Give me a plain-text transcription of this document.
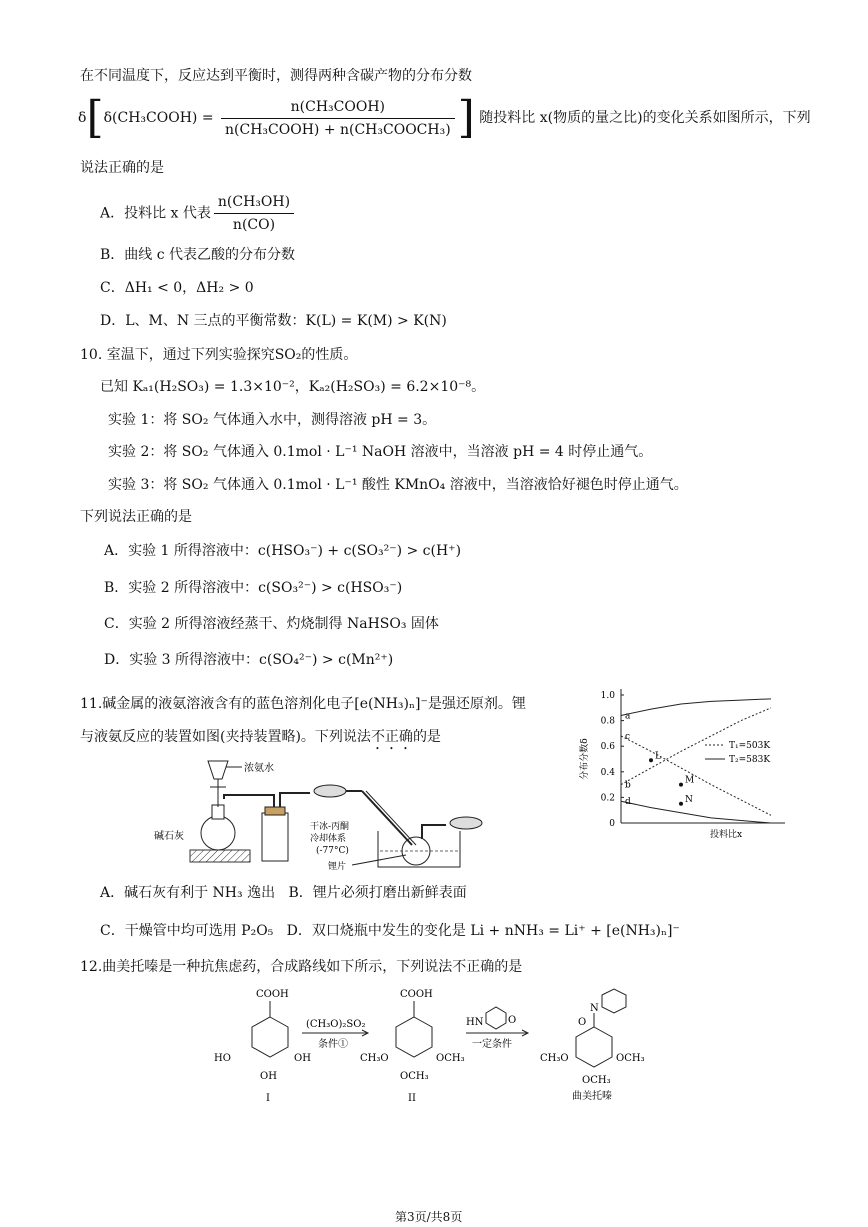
在不同温度下，反应达到平衡时，测得两种含碳产物的分布分数
δ[δ(CH₃COOH) = $\frac{\text{n(CH₃COOH)}}{\text{n(CH₃COOH) + n(CH₃COOCH₃)}}$ ] 随投料比 x(物质的量之比)的变化关系如图所示，下列
说法正确的是
A．投料比 x 代表 $\frac{\text{n(CH₃OH)}}{n(CO)}$
B．曲线 c 代表乙酸的分布分数
C．ΔH₁ < 0，ΔH₂ > 0
D．L、M、N 三点的平衡常数：K(L) = K(M) > K(N)
10. 室温下，通过下列实验探究SO₂的性质。
已知 Kₐ₁(H₂SO₃) = 1.3×10⁻²，Kₐ₂(H₂SO₃) = 6.2×10⁻⁸。
实验 1：将 SO₂ 气体通入水中，测得溶液 pH = 3。
实验 2：将 SO₂ 气体通入 0.1mol · L⁻¹ NaOH 溶液中，当溶液 pH = 4 时停止通气。
实验 3：将 SO₂ 气体通入 0.1mol · L⁻¹ 酸性 KMnO₄ 溶液中，当溶液恰好褪色时停止通气。
下列说法正确的是
A．实验 1 所得溶液中：c(HSO₃⁻) + c(SO₃²⁻) > c(H⁺)
B．实验 2 所得溶液中：c(SO₃²⁻) > c(HSO₃⁻)
C．实验 2 所得溶液经蒸干、灼烧制得 NaHSO₃ 固体
D．实验 3 所得溶液中：c(SO₄²⁻) > c(Mn²⁺)
11.碱金属的液氨溶液含有的蓝色溶剂化电子[e(NH₃)ₙ]⁻是强还原剂。锂
与液氨反应的装置如图(夹持装置略)。下列说法不正确的是
浓氨水
碱石灰
干冰-丙酮
冷却体系
(-77°C)
锂片
0
0.2
0.4
0.6
0.8
1.0
分布分数δ
投料比x
a
c
b
d
L
M
N
T₁=503K
T₂=583K
A．碱石灰有利于 NH₃ 逸出 B．锂片必须打磨出新鲜表面
C．干燥管中均可选用 P₂O₅ D．双口烧瓶中发生的变化是 Li + nNH₃ = Li⁺ + [e(NH₃)ₙ]⁻
12.曲美托嗪是一种抗焦虑药，合成路线如下所示，下列说法不正确的是
COOH
HO	OH
OH
I
(CH₃O)₂SO₂
条件①
COOH
CH₃O	OCH₃
OCH₃
II
HN O
一定条件
N
O
CH₃O	OCH₃
OCH₃
曲美托嗪
第3页/共8页
